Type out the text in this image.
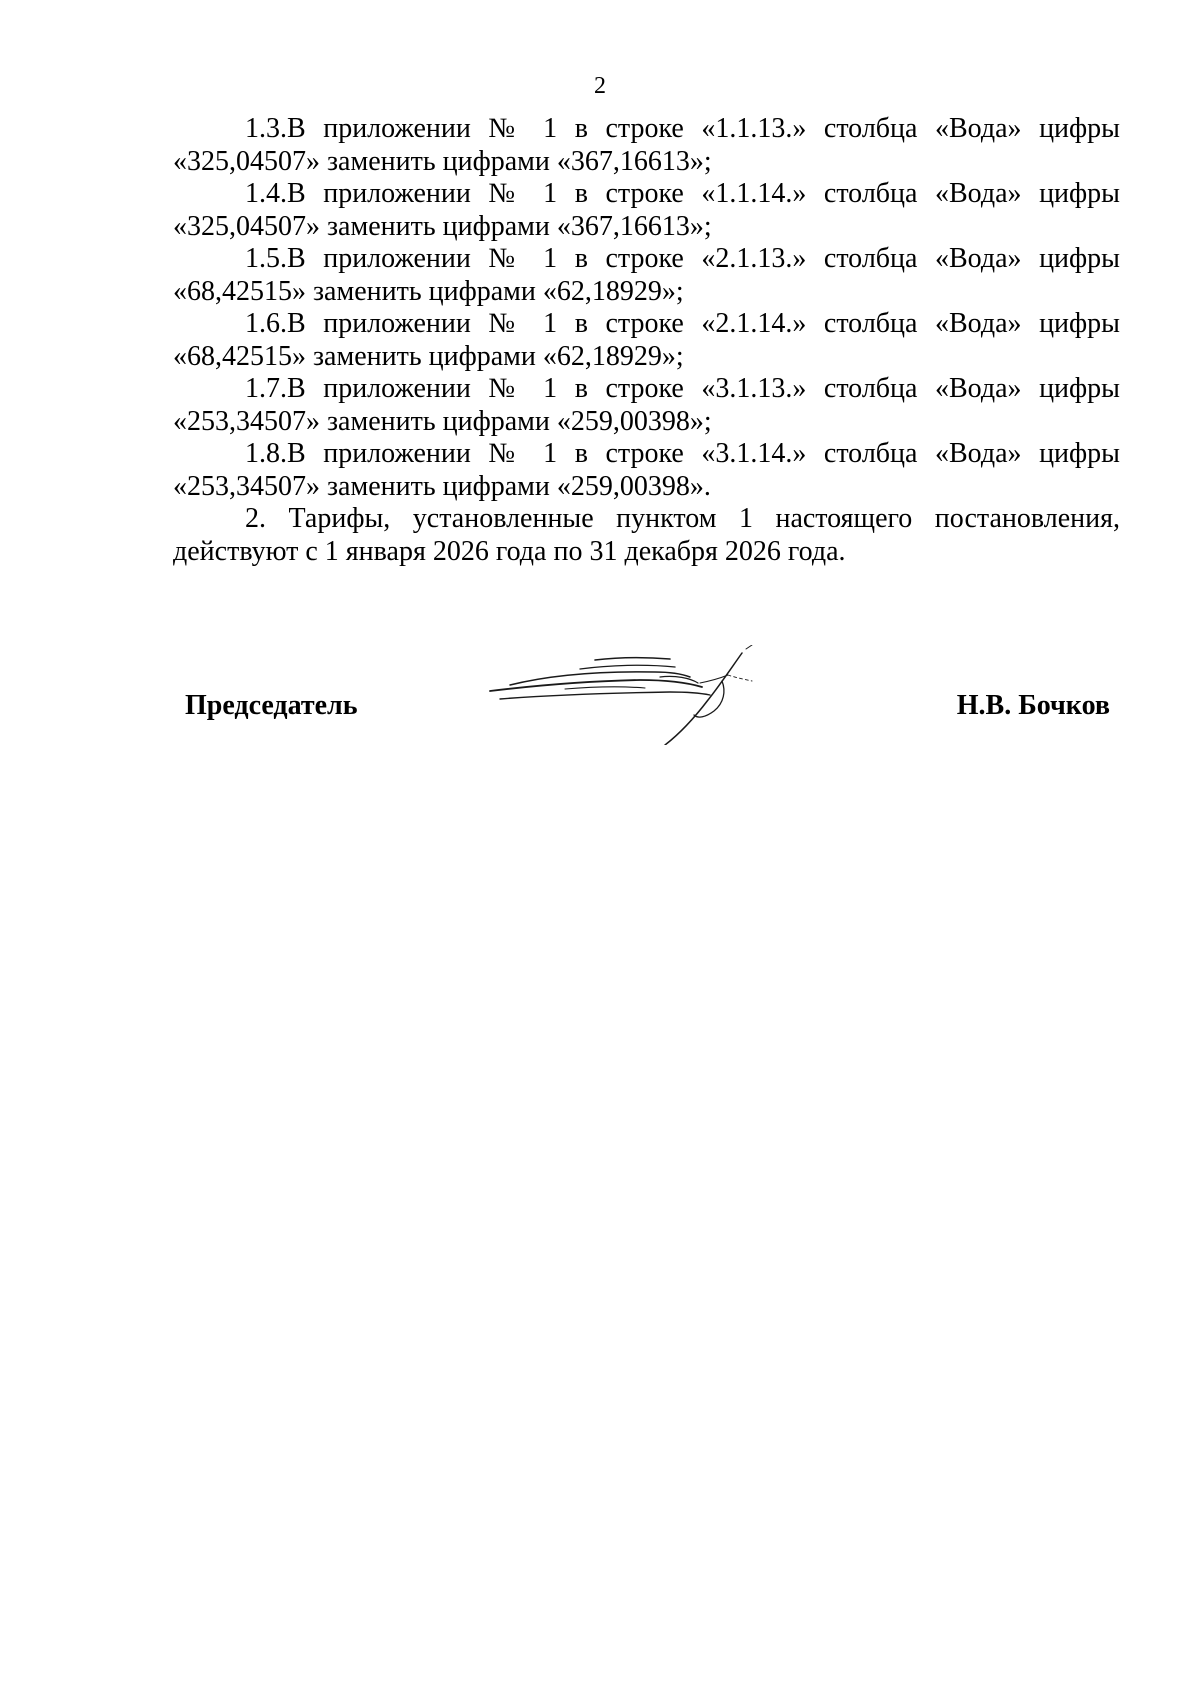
2

1.3.В приложении № 1 в строке «1.1.13.» столбца «Вода» цифры «325,04507» заменить цифрами «367,16613»;

1.4.В приложении № 1 в строке «1.1.14.» столбца «Вода» цифры «325,04507» заменить цифрами «367,16613»;

1.5.В приложении № 1 в строке «2.1.13.» столбца «Вода» цифры «68,42515» заменить цифрами «62,18929»;

1.6.В приложении № 1 в строке «2.1.14.» столбца «Вода» цифры «68,42515» заменить цифрами «62,18929»;

1.7.В приложении № 1 в строке «3.1.13.» столбца «Вода» цифры «253,34507» заменить цифрами «259,00398»;

1.8.В приложении № 1 в строке «3.1.14.» столбца «Вода» цифры «253,34507» заменить цифрами «259,00398».

2. Тарифы, установленные пунктом 1 настоящего постановления, действуют с 1 января 2026 года по 31 декабря 2026 года.

Председатель	Н.В. Бочков
